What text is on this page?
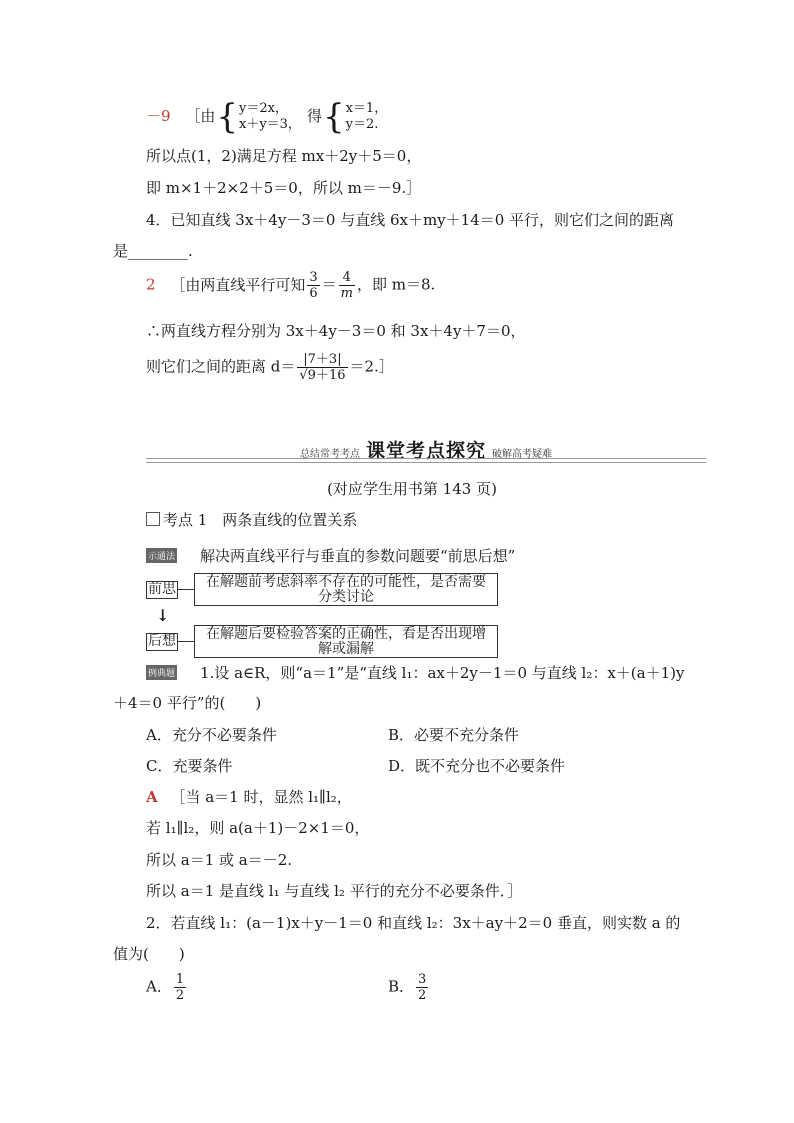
－9 ［由{ y＝2x，
x＋y＝3， 得{ x＝1，
y＝2.
所以点(1，2)满足方程 mx＋2y＋5＝0，
即 m×1＋2×2＋5＝0，所以 m＝－9.］
4．已知直线 3x＋4y－3＝0 与直线 6x＋my＋14＝0 平行，则它们之间的距离
是________.
2 ［由两直线平行可知 $\frac{3}{6} = \frac{4}{m}$ ，即 m＝8.
∴两直线方程分别为 3x＋4y－3＝0 和 3x＋4y＋7＝0，
则它们之间的距离 $d= \frac{|7+3|}{√9+16}$ ＝2.］
总结常考考点 课堂考点探究 破解高考疑难
(对应学生用书第 143 页)
考点 1　两条直线的位置关系
示通法 解决两直线平行与垂直的参数问题要“前思后想”
前思	在解题前考虑斜率不存在的可能性，是否需要分类讨论
↓
后想	在解题后要检验答案的正确性，看是否出现增解或漏解
例典题 1.设 a∈R，则“a＝1”是“直线 l₁：ax＋2y－1＝0 与直线 l₂：x＋(a＋1)y
＋4＝0 平行”的(　　)
A．充分不必要条件	B．必要不充分条件
C．充要条件	D．既不充分也不必要条件
A ［当 a＝1 时，显然 l₁∥l₂，
若 l₁∥l₂，则 a(a＋1)－2×1＝0，
所以 a＝1 或 a＝－2.
所以 a＝1 是直线 l₁ 与直线 l₂ 平行的充分不必要条件．］
2．若直线 l₁：(a－1)x＋y－1＝0 和直线 l₂：3x＋ay＋2＝0 垂直，则实数 a 的
值为(　　)
A． $\frac{1}{2}$	B． $\frac{3}{2}$
